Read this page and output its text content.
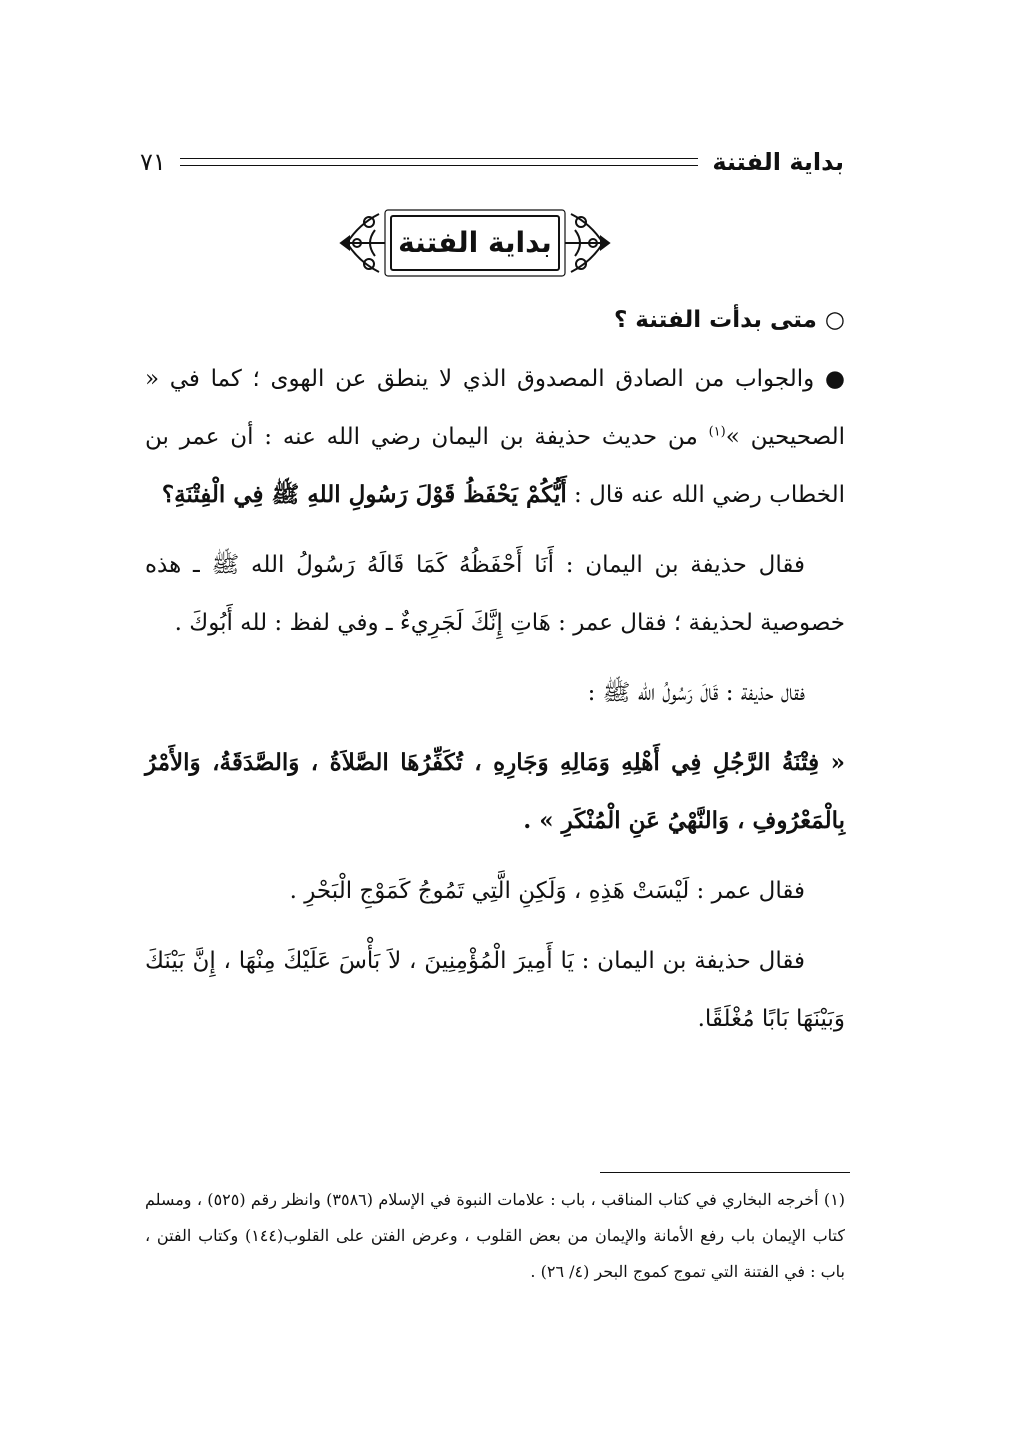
بداية الفتنة
٧١
بداية الفتنة
○ متى بدأت الفتنة ؟

● والجواب من الصادق المصدوق الذي لا ينطق عن الهوى ؛ كما في « الصحيحين »$^{(١)}$ من حديث حذيفة بن اليمان رضي الله عنه : أن عمر بن الخطاب رضي الله عنه قال : أَيُّكُمْ يَحْفَظُ قَوْلَ رَسُولِ اللهِ ﷺ فِي الْفِتْنَةِ؟

فقال حذيفة بن اليمان : أَنَا أَحْفَظُهُ كَمَا قَالَهُ رَسُولُ الله ﷺ ـ هذه خصوصية لحذيفة ؛ فقال عمر : هَاتِ إِنَّكَ لَجَرِيءٌ ـ وفي لفظ : لله أَبُوكَ .

فقال حذيفة : قَالَ رَسُولُ الله ﷺ :

« فِتْنَةُ الرَّجُلِ فِي أَهْلِهِ وَمَالِهِ وَجَارِهِ ، تُكَفِّرُهَا الصَّلاَةُ ، وَالصَّدَقَةُ، وَالأَمْرُ بِالْمَعْرُوفِ ، وَالنَّهْيُ عَنِ الْمُنْكَرِ » .

فقال عمر : لَيْسَتْ هَذِهِ ، وَلَكِنِ الَّتِي تَمُوجُ كَمَوْجِ الْبَحْرِ .

فقال حذيفة بن اليمان : يَا أَمِيرَ الْمُؤْمِنِينَ ، لاَ بَأْسَ عَلَيْكَ مِنْهَا ، إِنَّ بَيْنَكَ وَبَيْنَهَا بَابًا مُغْلَقًا.

(١) أخرجه البخاري في كتاب المناقب ، باب : علامات النبوة في الإسلام (٣٥٨٦) وانظر رقم (٥٢٥) ، ومسلم كتاب الإيمان باب رفع الأمانة والإيمان من بعض القلوب ، وعرض الفتن على القلوب(١٤٤) وكتاب الفتن ، باب : في الفتنة التي تموج كموج البحر (٤/ ٢٦) .
